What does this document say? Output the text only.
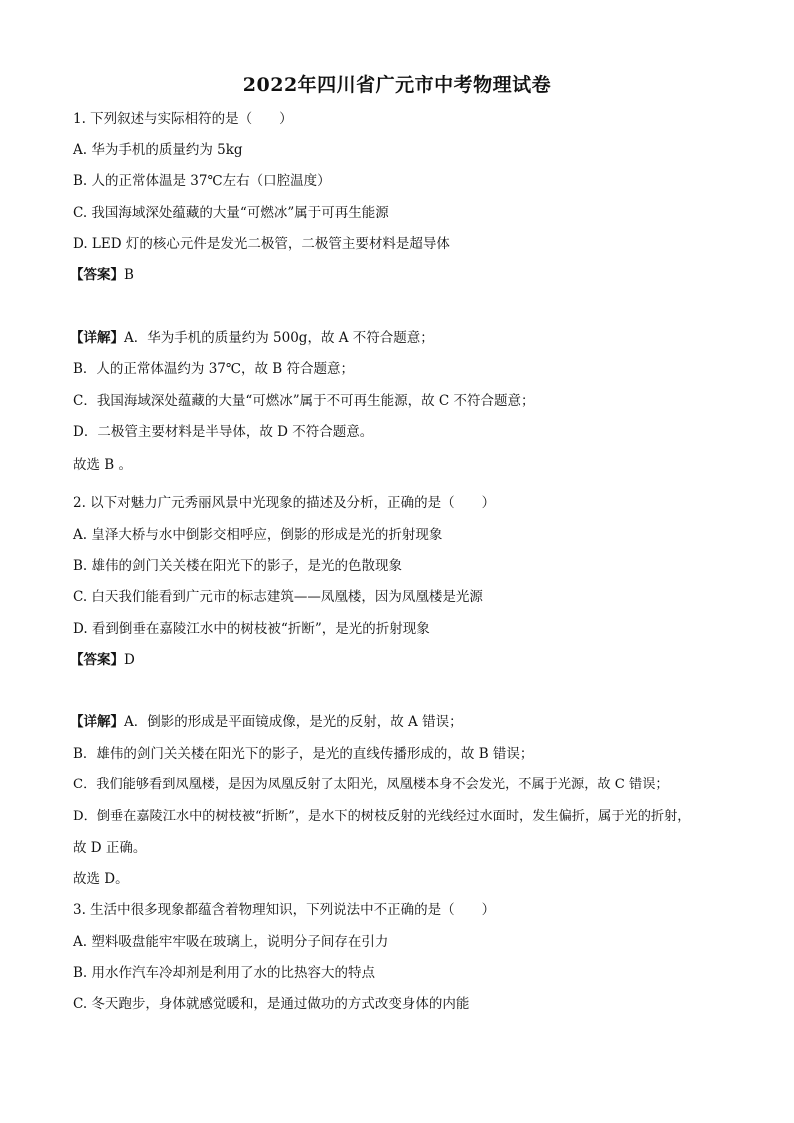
2022年四川省广元市中考物理试卷
1. 下列叙述与实际相符的是（　　）
A. 华为手机的质量约为 5kg
B. 人的正常体温是 37℃左右（口腔温度）
C. 我国海域深处蕴藏的大量“可燃冰”属于可再生能源
D. LED 灯的核心元件是发光二极管，二极管主要材料是超导体
【答案】B
【详解】A．华为手机的质量约为 500g，故 A 不符合题意；
B．人的正常体温约为 37℃，故 B 符合题意；
C．我国海域深处蕴藏的大量“可燃冰”属于不可再生能源，故 C 不符合题意；
D．二极管主要材料是半导体，故 D 不符合题意。
故选 B 。
2. 以下对魅力广元秀丽风景中光现象的描述及分析，正确的是（　　）
A. 皇泽大桥与水中倒影交相呼应，倒影的形成是光的折射现象
B. 雄伟的剑门关关楼在阳光下的影子，是光的色散现象
C. 白天我们能看到广元市的标志建筑——凤凰楼，因为凤凰楼是光源
D. 看到倒垂在嘉陵江水中的树枝被“折断”，是光的折射现象
【答案】D
【详解】A．倒影的形成是平面镜成像，是光的反射，故 A 错误；
B．雄伟的剑门关关楼在阳光下的影子，是光的直线传播形成的，故 B 错误；
C．我们能够看到凤凰楼，是因为凤凰反射了太阳光，凤凰楼本身不会发光，不属于光源，故 C 错误；
D．倒垂在嘉陵江水中的树枝被“折断”，是水下的树枝反射的光线经过水面时，发生偏折，属于光的折射，
故 D 正确。
故选 D。
3. 生活中很多现象都蕴含着物理知识，下列说法中不正确的是（　　）
A. 塑料吸盘能牢牢吸在玻璃上，说明分子间存在引力
B. 用水作汽车冷却剂是利用了水的比热容大的特点
C. 冬天跑步，身体就感觉暖和，是通过做功的方式改变身体的内能
